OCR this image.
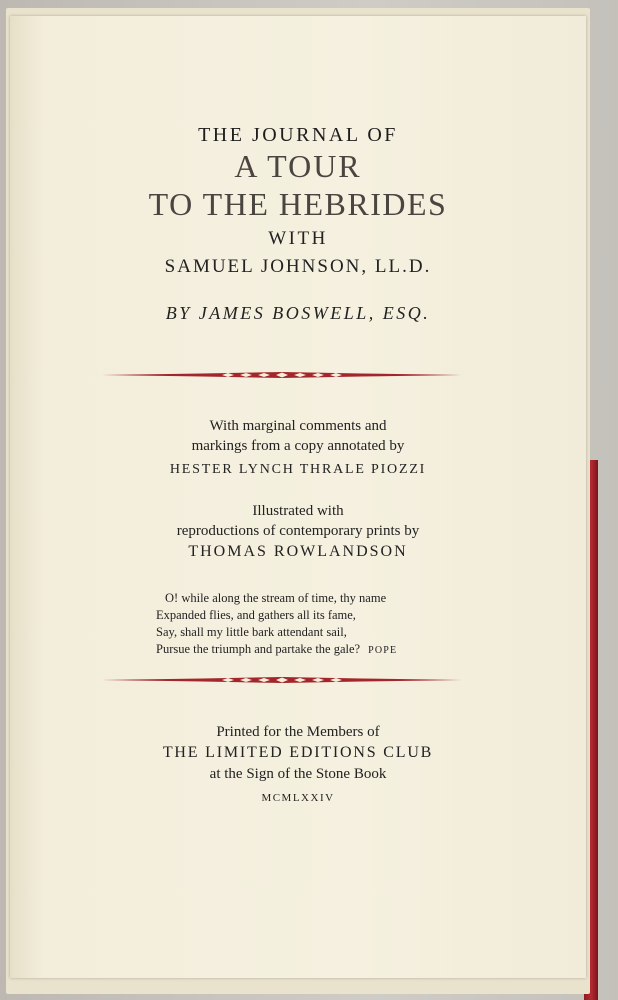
THE JOURNAL OF
A TOUR
TO THE HEBRIDES
WITH
SAMUEL JOHNSON, LL.D.
BY JAMES BOSWELL, ESQ.
With marginal comments and
markings from a copy annotated by
HESTER LYNCH THRALE PIOZZI
Illustrated with
reproductions of contemporary prints by
THOMAS ROWLANDSON
O! while along the stream of time, thy name
Expanded flies, and gathers all its fame,
Say, shall my little bark attendant sail,
Pursue the triumph and partake the gale? POPE
Printed for the Members of
THE LIMITED EDITIONS CLUB
at the Sign of the Stone Book
MCMLXXIV
